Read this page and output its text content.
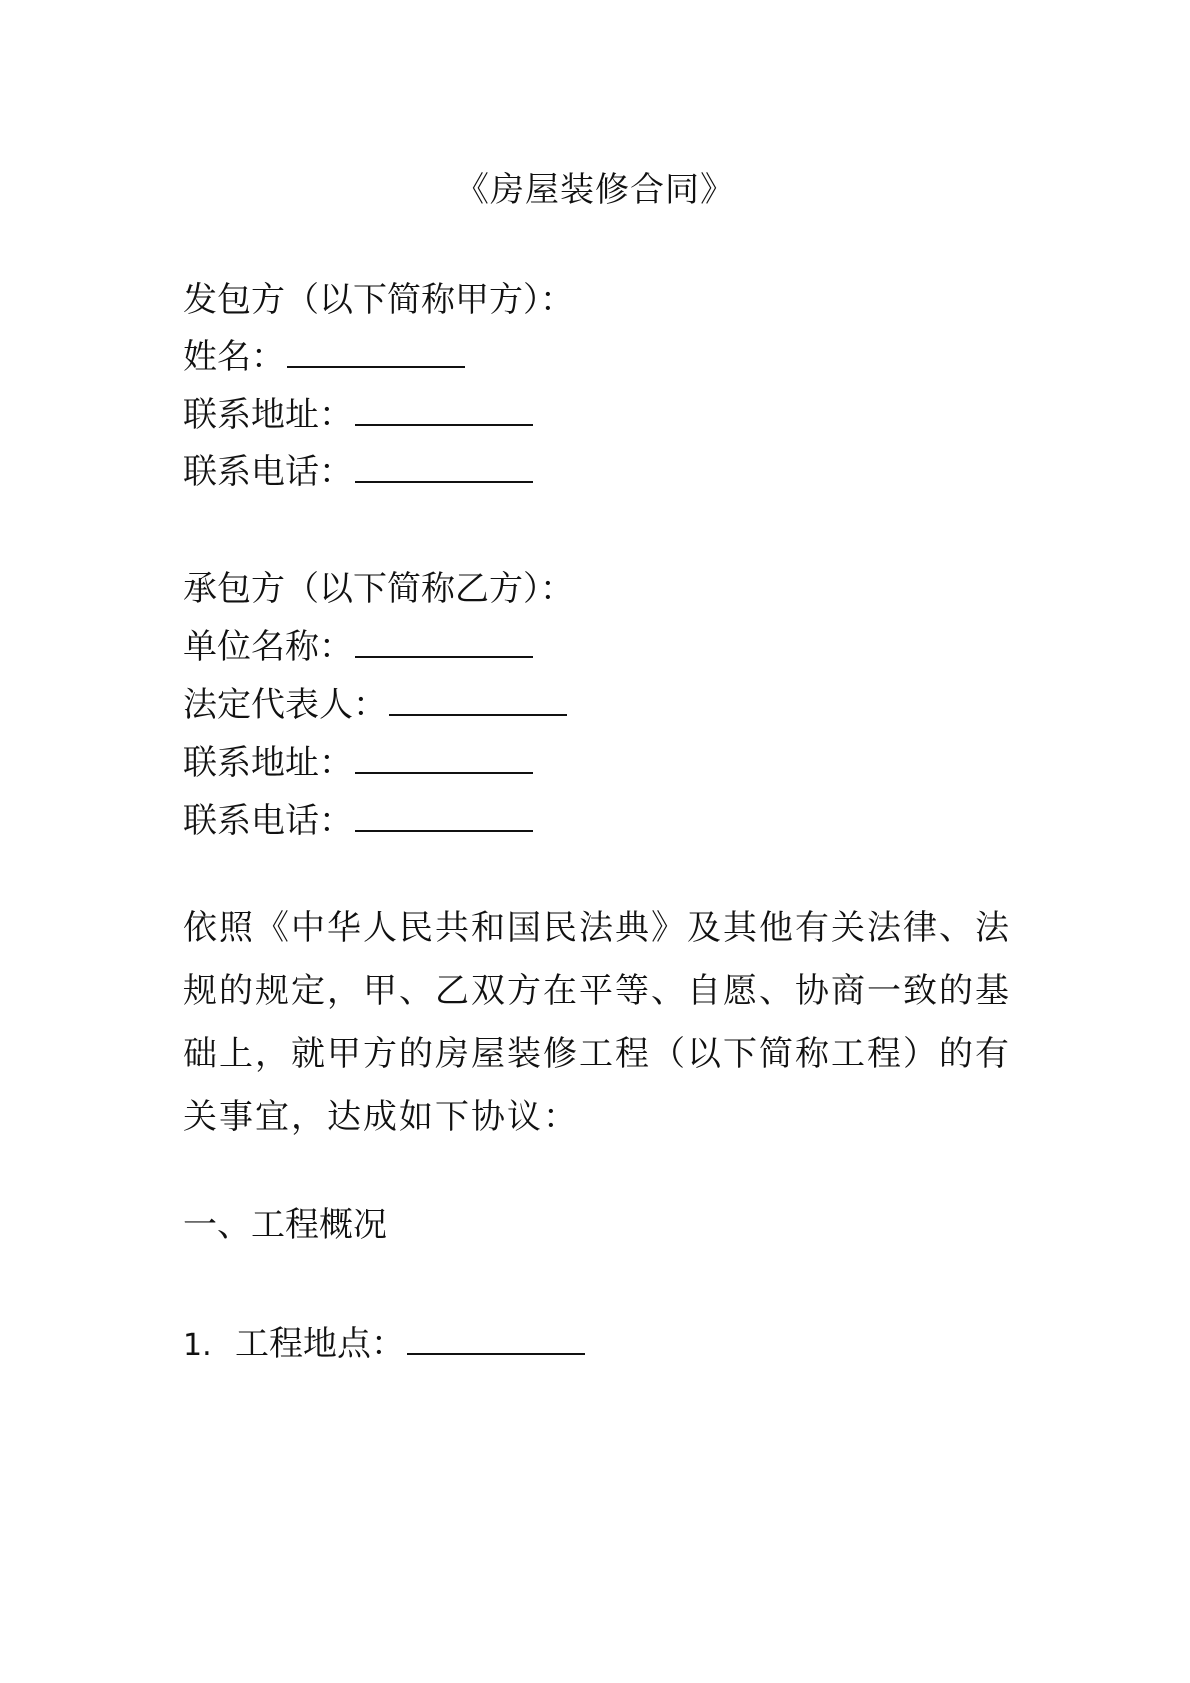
《房屋装修合同》
发包方（以下简称甲方）：
姓名：
联系地址：
联系电话：
承包方（以下简称乙方）：
单位名称：
法定代表人：
联系地址：
联系电话：
依照《中华人民共和国民法典》及其他有关法律、法
规的规定，甲、乙双方在平等、自愿、协商一致的基
础上，就甲方的房屋装修工程（以下简称工程）的有
关事宜，达成如下协议：
一、工程概况
1. 工程地点：
